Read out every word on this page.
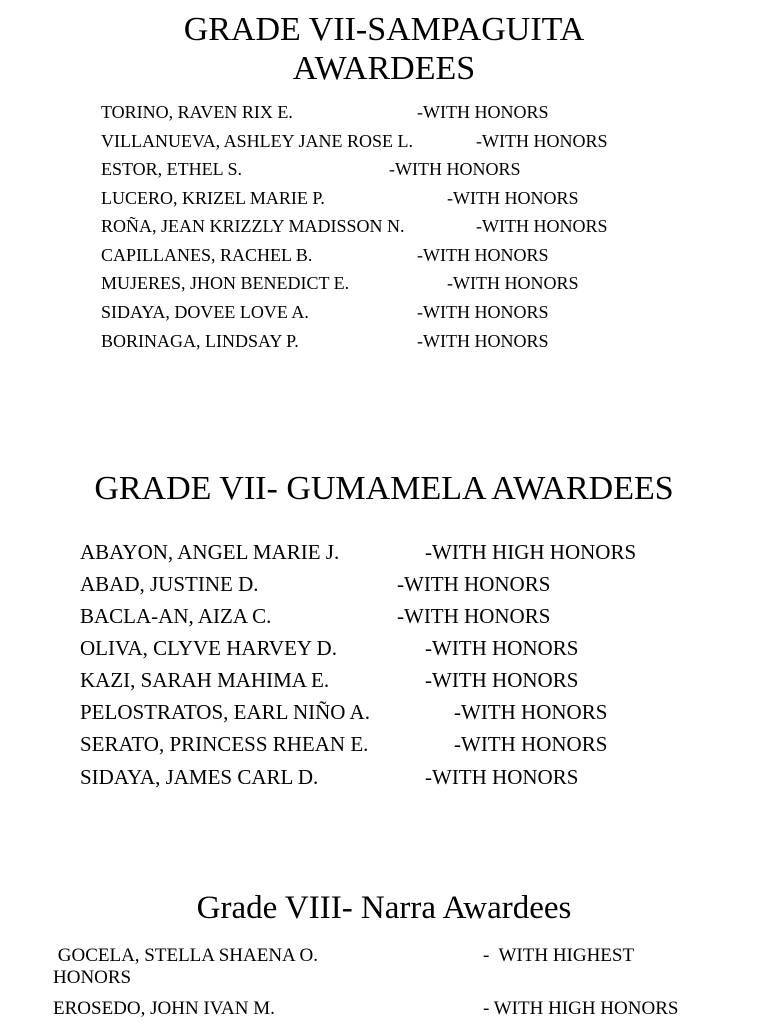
GRADE VII-SAMPAGUITA
AWARDEES
TORINO, RAVEN RIX E.	-WITH HONORS
VILLANUEVA, ASHLEY JANE ROSE L.	-WITH HONORS
ESTOR, ETHEL S.	-WITH HONORS
LUCERO, KRIZEL MARIE P.	-WITH HONORS
ROÑA, JEAN KRIZZLY MADISSON N.	-WITH HONORS
CAPILLANES, RACHEL B.	-WITH HONORS
MUJERES, JHON BENEDICT E.	-WITH HONORS
SIDAYA, DOVEE LOVE A.	-WITH HONORS
BORINAGA, LINDSAY P.	-WITH HONORS
GRADE VII- GUMAMELA AWARDEES
ABAYON, ANGEL MARIE J.	-WITH HIGH HONORS
ABAD, JUSTINE D.	-WITH HONORS
BACLA-AN, AIZA C.	-WITH HONORS
OLIVA, CLYVE HARVEY D.	-WITH HONORS
KAZI, SARAH MAHIMA E.	-WITH HONORS
PELOSTRATOS, EARL NIÑO A.	-WITH HONORS
SERATO, PRINCESS RHEAN E.	-WITH HONORS
SIDAYA, JAMES CARL D.	-WITH HONORS
Grade VIII- Narra Awardees
GOCELA, STELLA SHAENA O.	-  WITH HIGHEST
HONORS
EROSEDO, JOHN IVAN M.	- WITH HIGH HONORS
